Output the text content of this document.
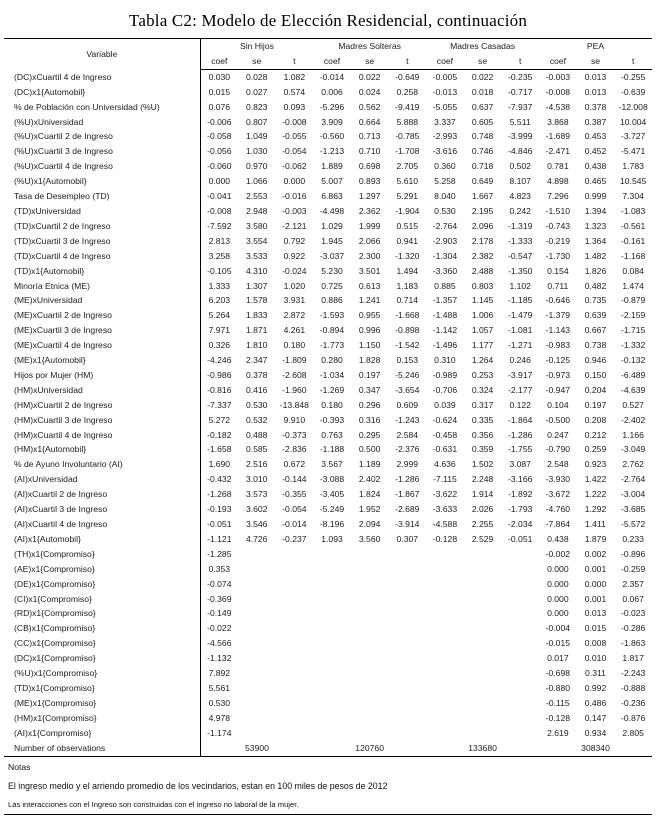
Tabla C2: Modelo de Elección Residencial, continuación
Variable	Sin Hijos			Madres Solteras			Madres Casadas			PEA		
	coef	se	t	coef	se	t	coef	se	t	coef	se	t
(DC)xCuartil 4 de Ingreso	0.030	0.028	1.082	-0.014	0.022	-0.649	-0.005	0.022	-0.235	-0.003	0.013	-0.255
(DC)x1{Automobil}	0.015	0.027	0.574	0.006	0.024	0.258	-0.013	0.018	-0.717	-0.008	0.013	-0.639
% de Población con Universidad (%U)	0.076	0.823	0.093	-5.296	0.562	-9.419	-5.055	0.637	-7.937	-4.538	0.378	-12.008
(%U)xUniversidad	-0.006	0.807	-0.008	3.909	0.664	5.888	3.337	0.605	5.511	3.868	0.387	10.004
(%U)xCuartil 2 de Ingreso	-0.058	1.049	-0.055	-0.560	0.713	-0.785	-2.993	0.748	-3.999	-1.689	0.453	-3.727
(%U)xCuartil 3 de Ingreso	-0.056	1.030	-0.054	-1.213	0.710	-1.708	-3.616	0.746	-4.846	-2.471	0.452	-5.471
(%U)xCuartil 4 de Ingreso	-0.060	0.970	-0.062	1.889	0.698	2.705	0.360	0.718	0.502	0.781	0.438	1.783
(%U)x1{Automobil}	0.000	1.066	0.000	5.007	0.893	5.610	5.258	0.649	8.107	4.898	0.465	10.545
Tasa de Desempleo (TD)	-0.041	2.553	-0.016	6.863	1.297	5.291	8.040	1.667	4.823	7.296	0.999	7.304
(TD)xUniversidad	-0.008	2.948	-0.003	-4.498	2.362	-1.904	0.530	2.195	0.242	-1.510	1.394	-1.083
(TD)xCuartil 2 de Ingreso	-7.592	3.580	-2.121	1.029	1.999	0.515	-2.764	2.096	-1.319	-0.743	1.323	-0.561
(TD)xCuartil 3 de Ingreso	2.813	3.554	0.792	1.945	2.066	0.941	-2.903	2.178	-1.333	-0.219	1.364	-0.161
(TD)xCuartil 4 de Ingreso	3.258	3.533	0.922	-3.037	2.300	-1.320	-1.304	2.382	-0.547	-1.730	1.482	-1.168
(TD)x1{Automobil}	-0.105	4.310	-0.024	5.230	3.501	1.494	-3.360	2.488	-1.350	0.154	1.826	0.084
Minoría Etnica (ME)	1.333	1.307	1.020	0.725	0.613	1.183	0.885	0.803	1.102	0.711	0.482	1.474
(ME)xUniversidad	6.203	1.578	3.931	0.886	1.241	0.714	-1.357	1.145	-1.185	-0.646	0.735	-0.879
(ME)xCuartil 2 de Ingreso	5.264	1.833	2.872	-1.593	0.955	-1.668	-1.488	1.006	-1.479	-1.379	0.639	-2.159
(ME)xCuartil 3 de Ingreso	7.971	1.871	4.261	-0.894	0.996	-0.898	-1.142	1.057	-1.081	-1.143	0.667	-1.715
(ME)xCuartil 4 de Ingreso	0.326	1.810	0.180	-1.773	1.150	-1.542	-1.496	1.177	-1.271	-0.983	0.738	-1.332
(ME)x1{Automobil}	-4.246	2.347	-1.809	0.280	1.828	0.153	0.310	1.264	0.246	-0.125	0.946	-0.132
Hijos por Mujer (HM)	-0.986	0.378	-2.608	-1.034	0.197	-5.246	-0.989	0.253	-3.917	-0.973	0.150	-6.489
(HM)xUniversidad	-0.816	0.416	-1.960	-1.269	0.347	-3.654	-0.706	0.324	-2.177	-0.947	0.204	-4.639
(HM)xCuartil 2 de Ingreso	-7.337	0.530	-13.848	0.180	0.296	0.609	0.039	0.317	0.122	0.104	0.197	0.527
(HM)xCuartil 3 de Ingreso	5.272	0.532	9.910	-0.393	0.316	-1.243	-0.624	0.335	-1.864	-0.500	0.208	-2.402
(HM)xCuartil 4 de Ingreso	-0.182	0.488	-0.373	0.763	0.295	2.584	-0.458	0.356	-1.286	0.247	0.212	1.166
(HM)x1{Automobil}	-1.658	0.585	-2.836	-1.188	0.500	-2.376	-0.631	0.359	-1.755	-0.790	0.259	-3.049
% de Ayuno Involuntario (AI)	1.690	2.516	0.672	3.567	1.189	2.999	4.636	1.502	3.087	2.548	0.923	2.762
(AI)xUniversidad	-0.432	3.010	-0.144	-3.088	2.402	-1.286	-7.115	2.248	-3.166	-3.930	1.422	-2.764
(AI)xCuartil 2 de Ingreso	-1.268	3.573	-0.355	-3.405	1.824	-1.867	-3.622	1.914	-1.892	-3.672	1.222	-3.004
(AI)xCuartil 3 de Ingreso	-0.193	3.602	-0.054	-5.249	1.952	-2.689	-3.633	2.026	-1.793	-4.760	1.292	-3.685
(AI)xCuartil 4 de Ingreso	-0.051	3.546	-0.014	-8.196	2.094	-3.914	-4.588	2.255	-2.034	-7.864	1.411	-5.572
(AI)x1{Automobil}	-1.121	4.726	-0.237	1.093	3.560	0.307	-0.128	2.529	-0.051	0.438	1.879	0.233
(TH)x1{Compromiso}	-1.285									-0.002	0.002	-0.896
(AE)x1{Compromiso}	0.353									0.000	0.001	-0.259
(DE)x1{Compromiso}	-0.074									0.000	0.000	2.357
(CI)x1{Compromiso}	-0.369									0.000	0.001	0.067
(RD)x1{Compromiso}	-0.149									0.000	0.013	-0.023
(CB)x1{Compromiso}	-0.022									-0.004	0.015	-0.286
(CC)x1{Compromiso}	-4.566									-0.015	0.008	-1.863
(DC)x1{Compromiso}	-1.132									0.017	0.010	1.817
(%U)x1{Compromiso}	7.892									-0.698	0.311	-2.243
(TD)x1{Compromiso}	5.561									-0.880	0.992	-0.888
(ME)x1{Compromiso}	0.530									-0.115	0.486	-0.236
(HM)x1{Compromiso}	4.978									-0.128	0.147	-0.876
(AI)x1{Compromiso}	-1.174									2.619	0.934	2.805
Number of observations	53900			120760			133680			308340		
Notas
El ingreso medio y el arriendo promedio de los vecindarios, estan en 100 miles de pesos de 2012
Las interacciones con el Ingreso son construidas con el ingreso no laboral de la mujer.
